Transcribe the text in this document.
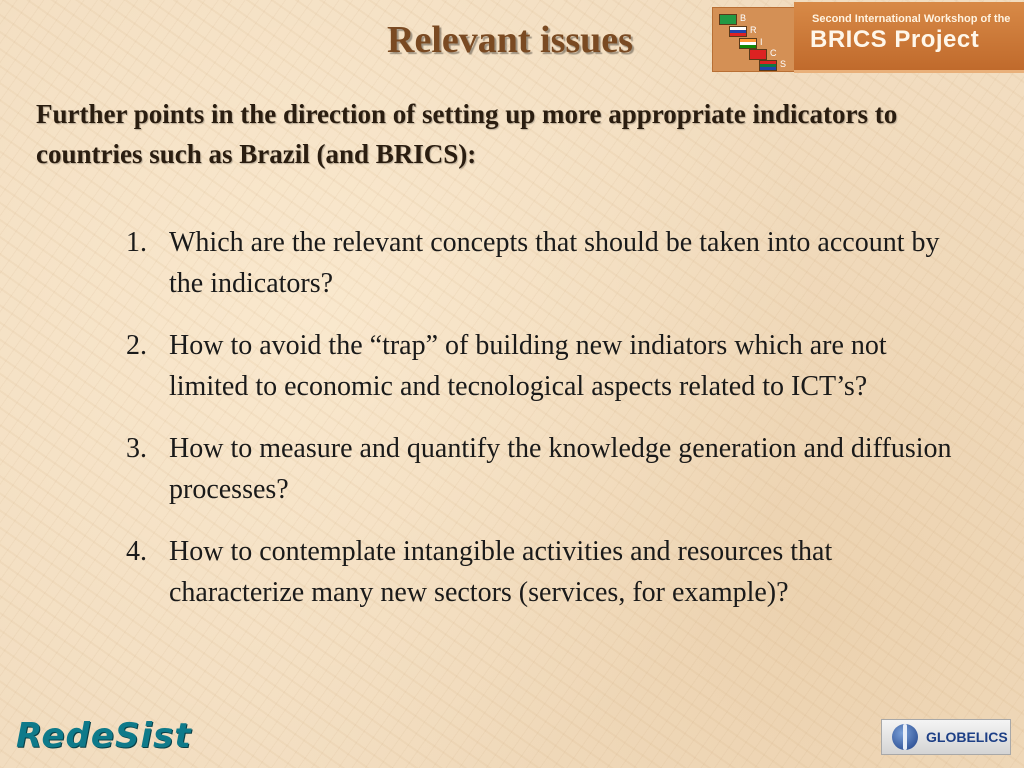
Relevant issues
B
R
I
C
S
Second International Workshop of the
BRICS Project
Further points in the direction of setting up more appropriate indicators to countries such as Brazil (and BRICS):
1. Which are the relevant concepts that should be taken into account by the indicators?
2. How to avoid the “trap” of building new indiators which are not limited to economic and tecnological aspects related to ICT’s?
3. How to measure and quantify the knowledge generation and diffusion processes?
4. How to contemplate intangible activities and resources that characterize many new sectors (services, for example)?
RedeSist	GLOBELICS
